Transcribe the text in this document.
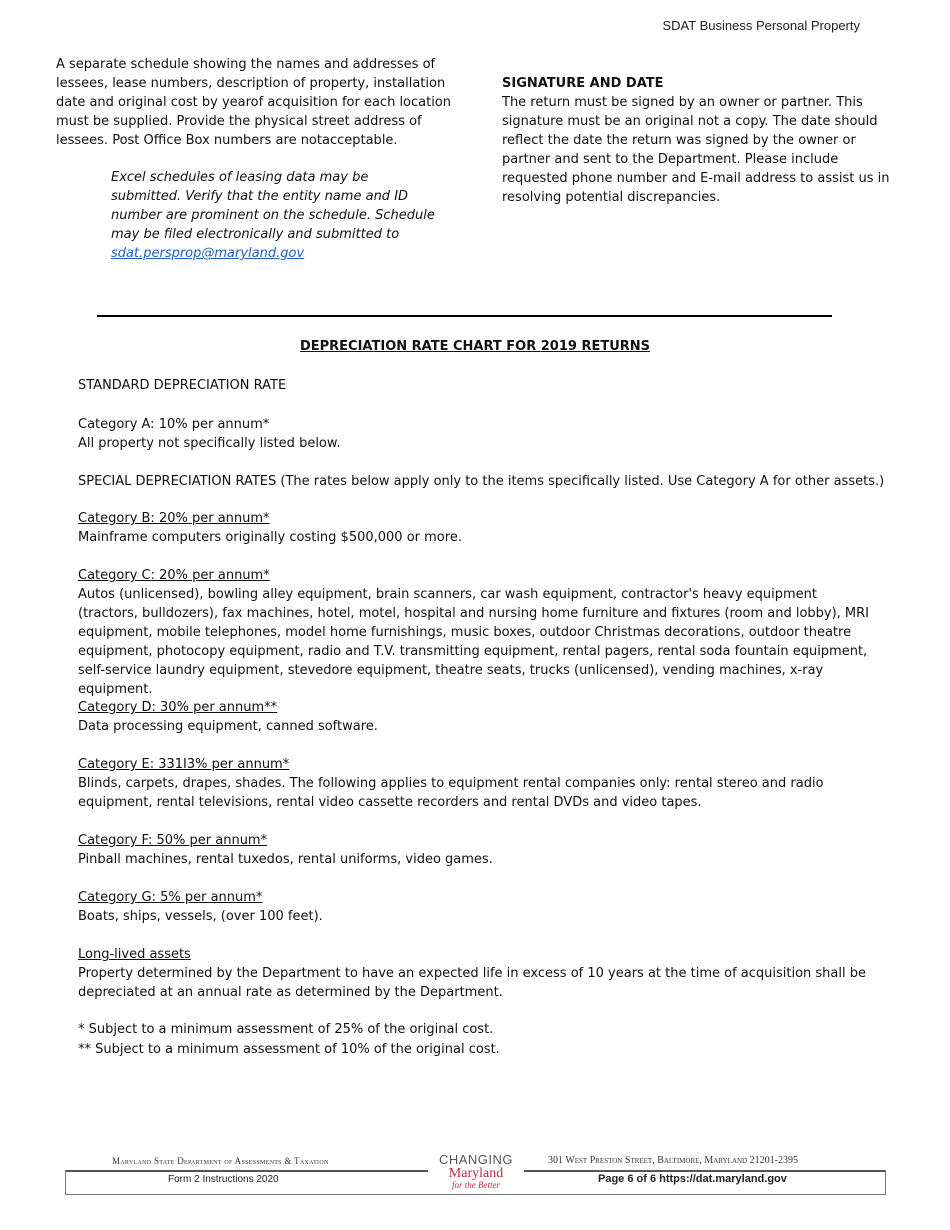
SDAT Business Personal Property

A separate schedule showing the names and addresses of lessees, lease numbers, description of property, installation date and original cost by yearof acquisition for each location must be supplied. Provide the physical street address of lessees. Post Office Box numbers are notacceptable.

Excel schedules of leasing data may be submitted. Verify that the entity name and ID number are prominent on the schedule. Schedule may be filed electronically and submitted to
sdat.persprop@maryland.gov
SIGNATURE AND DATE
The return must be signed by an owner or partner. This signature must be an original not a copy. The date should reflect the date the return was signed by the owner or partner and sent to the Department. Please include requested phone number and E-mail address to assist us in resolving potential discrepancies.
DEPRECIATION RATE CHART FOR 2019 RETURNS
STANDARD DEPRECIATION RATE
Category A: 10% per annum*
All property not specifically listed below.
SPECIAL DEPRECIATION RATES (The rates below apply only to the items specifically listed. Use Category A for other assets.)
Category B: 20% per annum*
Mainframe computers originally costing $500,000 or more.
Category C: 20% per annum*
Autos (unlicensed), bowling alley equipment, brain scanners, car wash equipment, contractor's heavy equipment (tractors, bulldozers), fax machines, hotel, motel, hospital and nursing home furniture and fixtures (room and lobby), MRI equipment, mobile telephones, model home furnishings, music boxes, outdoor Christmas decorations, outdoor theatre equipment, photocopy equipment, radio and T.V. transmitting equipment, rental pagers, rental soda fountain equipment, self-service laundry equipment, stevedore equipment, theatre seats, trucks (unlicensed), vending machines, x-ray equipment.
Category D: 30% per annum**
Data processing equipment, canned software.
Category E: 331I3% per annum*
Blinds, carpets, drapes, shades. The following applies to equipment rental companies only: rental stereo and radio equipment, rental televisions, rental video cassette recorders and rental DVDs and video tapes.
Category F: 50% per annum*
Pinball machines, rental tuxedos, rental uniforms, video games.
Category G: 5% per annum*
Boats, ships, vessels, (over 100 feet).
Long-lived assets
Property determined by the Department to have an expected life in excess of 10 years at the time of acquisition shall be depreciated at an annual rate as determined by the Department.
* Subject to a minimum assessment of 25% of the original cost.
** Subject to a minimum assessment of 10% of the original cost.
Maryland State Department of Assessments & Taxation	301 West Preston Street, Baltimore, Maryland 21201-2395
Form 2 Instructions 2020	Page 6 of 6 https://dat.maryland.gov
CHANGING
Maryland
for the Better
